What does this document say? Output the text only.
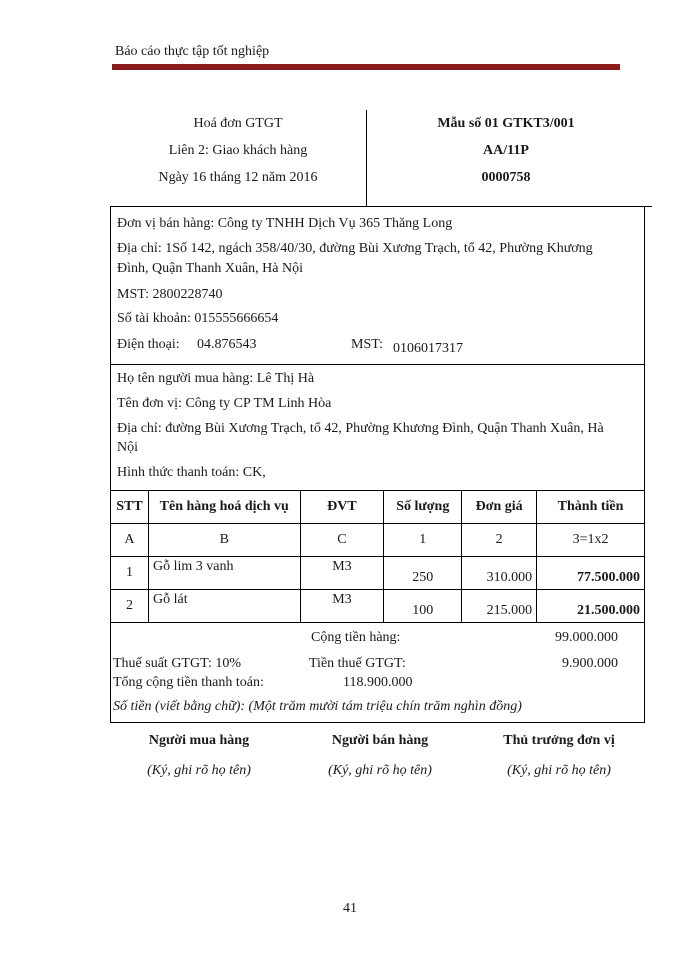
Báo cáo thực tập tốt nghiệp
Hoá đơn GTGT
Liên 2: Giao khách hàng
Ngày 16 tháng 12 năm 2016
Mẫu số 01 GTKT3/001
AA/11P
0000758
Đơn vị bán hàng: Công ty TNHH Dịch Vụ 365 Thăng Long
Địa chỉ: 1Số 142, ngách 358/40/30, đường Bùi Xương Trạch, tổ 42, Phường Khương
Đình, Quận Thanh Xuân, Hà Nội
MST: 2800228740
Số tài khoản: 015555666654
Điện thoại: 04.876543	MST: 0106017317
Họ tên người mua hàng: Lê Thị Hà
Tên đơn vị: Công ty CP TM Linh Hòa
Địa chỉ: đường Bùi Xương Trạch, tổ 42, Phường Khương Đình, Quận Thanh Xuân, Hà
Nội
Hình thức thanh toán: CK,
STT	Tên hàng hoá dịch vụ	ĐVT	Số lượng	Đơn giá	Thành tiền
A	B	C	1	2	3=1x2
1	Gỗ lim 3 vanh	M3	250	310.000	77.500.000
2	Gỗ lát	M3	100	215.000	21.500.000
Cộng tiền hàng:	99.000.000
Thuế suất GTGT: 10%	Tiền thuế GTGT:	9.900.000
Tổng cộng tiền thanh toán:	118.900.000
Số tiền (viết bằng chữ): (Một trăm mười tám triệu chín trăm nghìn đồng)
Người mua hàng
(Ký, ghi rõ họ tên)
Người bán hàng
(Ký, ghi rõ họ tên)
Thủ trưởng đơn vị
(Ký, ghi rõ họ tên)
41
